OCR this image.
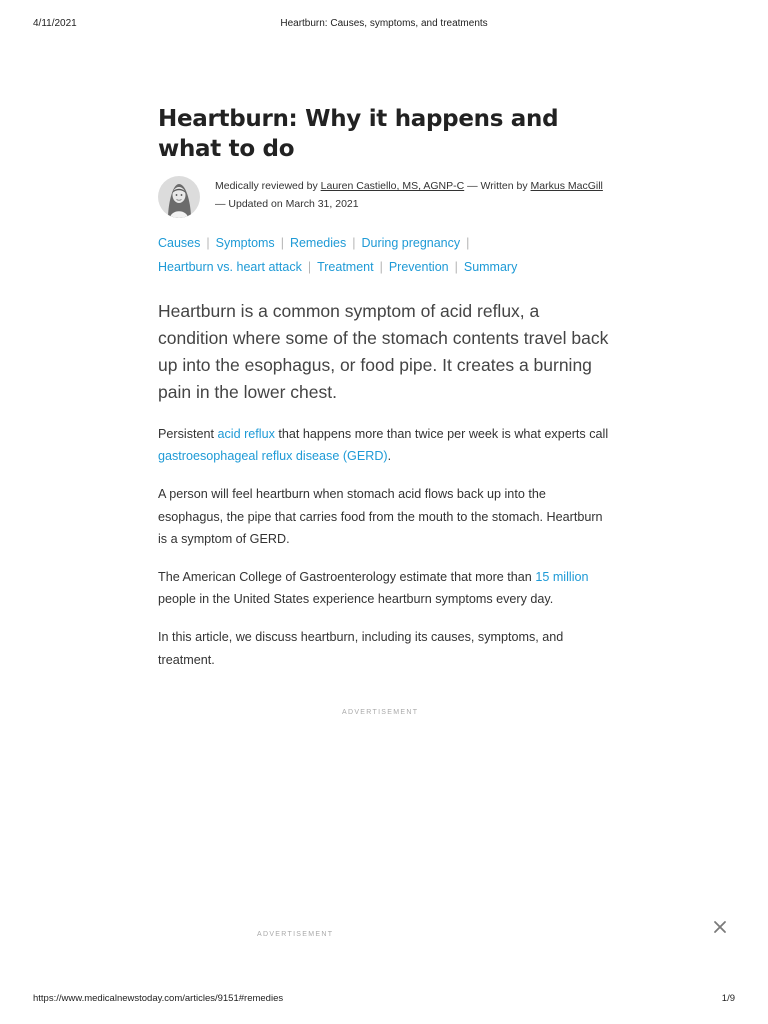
4/11/2021	Heartburn: Causes, symptoms, and treatments
Heartburn: Why it happens and what to do
Medically reviewed by Lauren Castiello, MS, AGNP-C — Written by Markus MacGill — Updated on March 31, 2021
Causes | Symptoms | Remedies | During pregnancy |
Heartburn vs. heart attack | Treatment | Prevention | Summary

Heartburn is a common symptom of acid reflux, a condition where some of the stomach contents travel back up into the esophagus, or food pipe. It creates a burning pain in the lower chest.

Persistent acid reflux that happens more than twice per week is what experts call gastroesophageal reflux disease (GERD).

A person will feel heartburn when stomach acid flows back up into the esophagus, the pipe that carries food from the mouth to the stomach. Heartburn is a symptom of GERD.

The American College of Gastroenterology estimate that more than 15 million people in the United States experience heartburn symptoms every day.

In this article, we discuss heartburn, including its causes, symptoms, and treatment.

ADVERTISEMENT
ADVERTISEMENT
https://www.medicalnewstoday.com/articles/9151#remedies	1/9
